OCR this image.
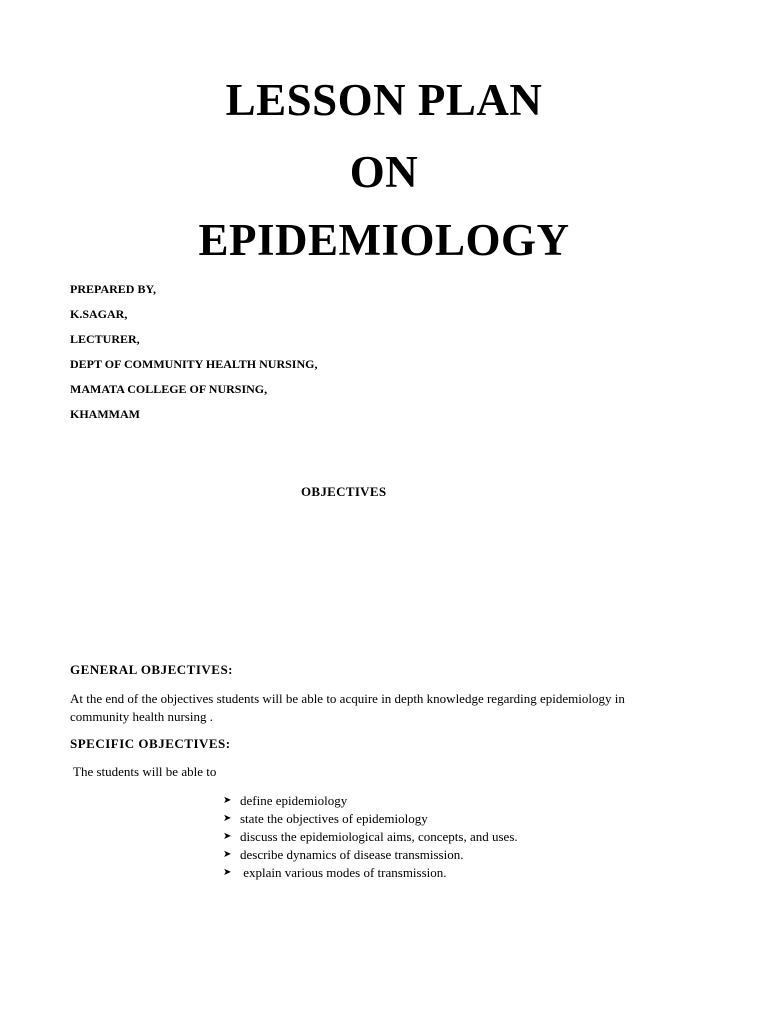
LESSON PLAN
ON
EPIDEMIOLOGY
PREPARED BY,
K.SAGAR,
LECTURER,
DEPT OF COMMUNITY HEALTH NURSING,
MAMATA COLLEGE OF NURSING,
KHAMMAM
OBJECTIVES
GENERAL OBJECTIVES:
At the end of the objectives students will be able to acquire in depth knowledge regarding epidemiology in community health nursing .
SPECIFIC OBJECTIVES:
The students will be able to
➤ define epidemiology
➤ state the objectives of epidemiology
➤ discuss the epidemiological aims, concepts, and uses.
➤ describe dynamics of disease transmission.
➤ explain various modes of transmission.
